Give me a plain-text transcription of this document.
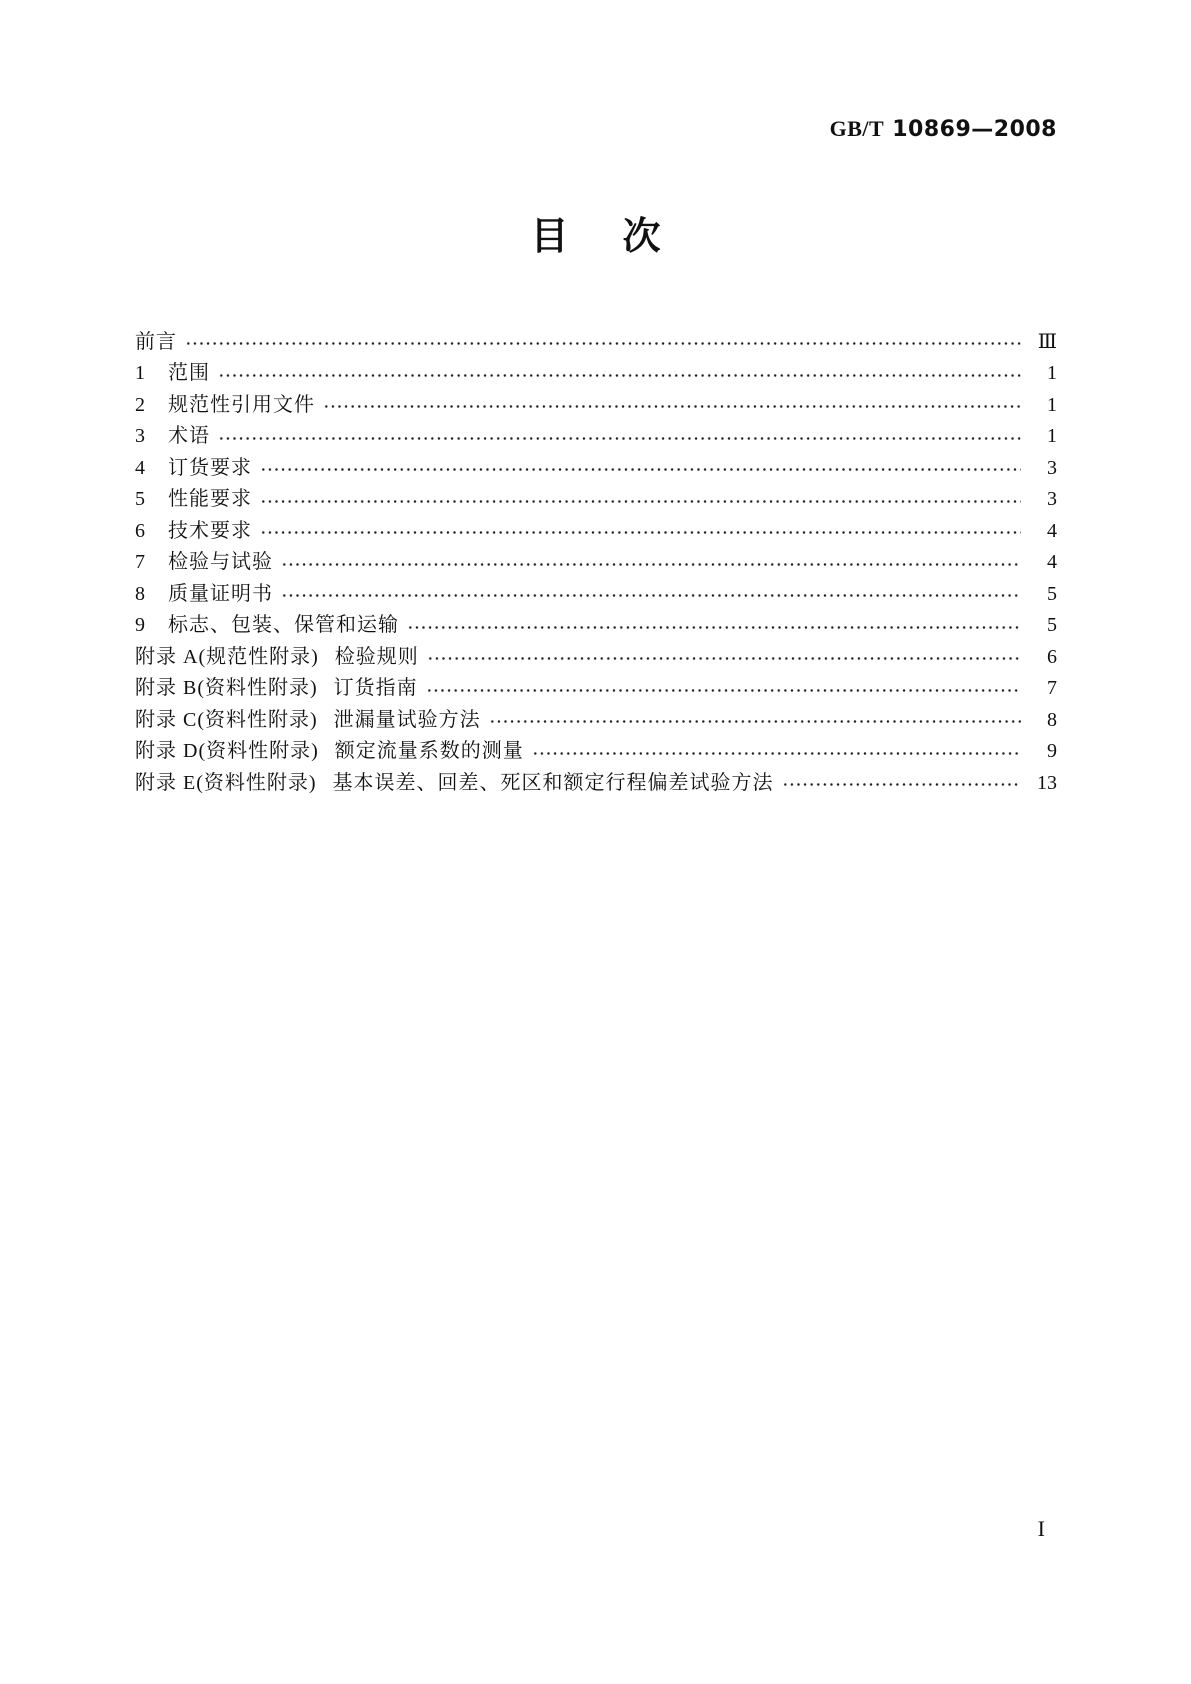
GB/T 10869—2008
目 次
前言	Ⅲ
1	范围	1
2	规范性引用文件	1
3	术语	1
4	订货要求	3
5	性能要求	3
6	技术要求	4
7	检验与试验	4
8	质量证明书	5
9	标志、包装、保管和运输	5
附录 A(规范性附录) 检验规则	6
附录 B(资料性附录) 订货指南	7
附录 C(资料性附录) 泄漏量试验方法	8
附录 D(资料性附录) 额定流量系数的测量	9
附录 E(资料性附录) 基本误差、回差、死区和额定行程偏差试验方法	13
I
